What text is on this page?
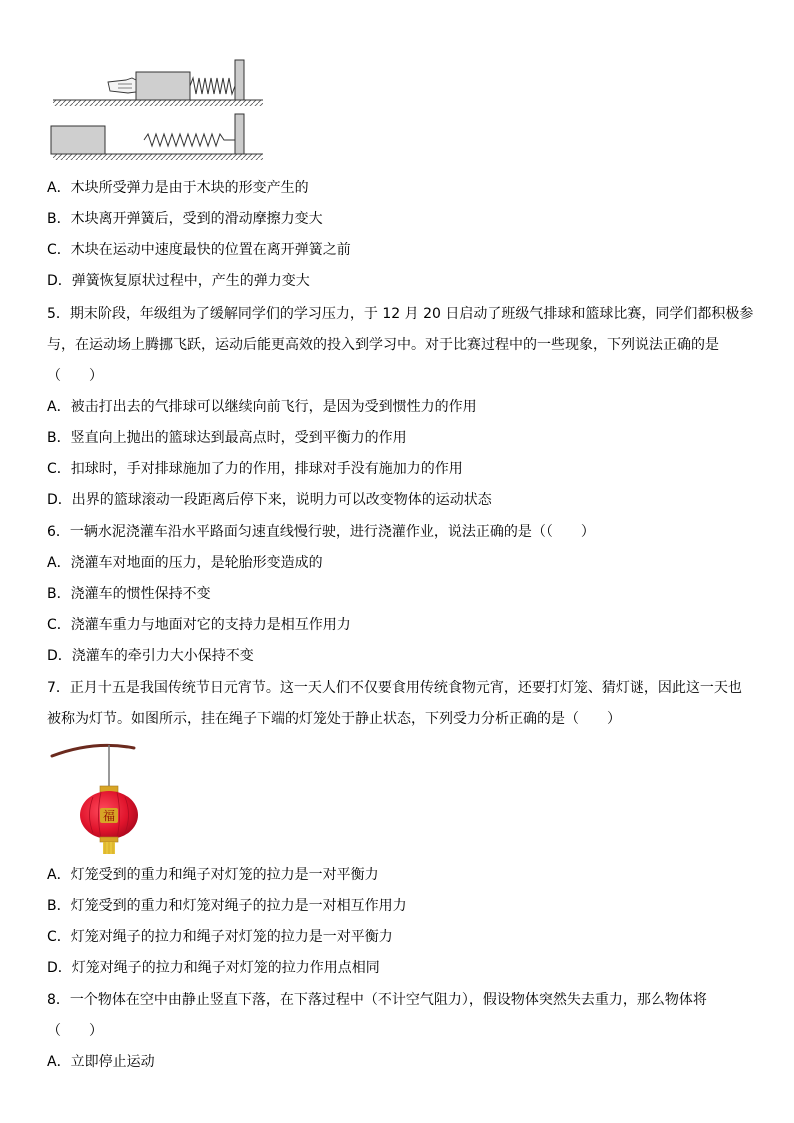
A．木块所受弹力是由于木块的形变产生的
B．木块离开弹簧后，受到的滑动摩擦力变大
C．木块在运动中速度最快的位置在离开弹簧之前
D．弹簧恢复原状过程中，产生的弹力变大
5．期末阶段，年级组为了缓解同学们的学习压力，于 12 月 20 日启动了班级气排球和篮球比赛，同学们都积极参
与，在运动场上腾挪飞跃，运动后能更高效的投入到学习中。对于比赛过程中的一些现象，下列说法正确的是
（　　）
A．被击打出去的气排球可以继续向前飞行，是因为受到惯性力的作用
B．竖直向上抛出的篮球达到最高点时，受到平衡力的作用
C．扣球时，手对排球施加了力的作用，排球对手没有施加力的作用
D．出界的篮球滚动一段距离后停下来，说明力可以改变物体的运动状态
6．一辆水泥浇灌车沿水平路面匀速直线慢行驶，进行浇灌作业，说法正确的是（（　　）
A．浇灌车对地面的压力，是轮胎形变造成的
B．浇灌车的惯性保持不变
C．浇灌车重力与地面对它的支持力是相互作用力
D．浇灌车的牵引力大小保持不变
7．正月十五是我国传统节日元宵节。这一天人们不仅要食用传统食物元宵，还要打灯笼、猜灯谜，因此这一天也
被称为灯节。如图所示，挂在绳子下端的灯笼处于静止状态，下列受力分析正确的是（　　）
福
A．灯笼受到的重力和绳子对灯笼的拉力是一对平衡力
B．灯笼受到的重力和灯笼对绳子的拉力是一对相互作用力
C．灯笼对绳子的拉力和绳子对灯笼的拉力是一对平衡力
D．灯笼对绳子的拉力和绳子对灯笼的拉力作用点相同
8．一个物体在空中由静止竖直下落，在下落过程中（不计空气阻力），假设物体突然失去重力，那么物体将
（　　）
A．立即停止运动
